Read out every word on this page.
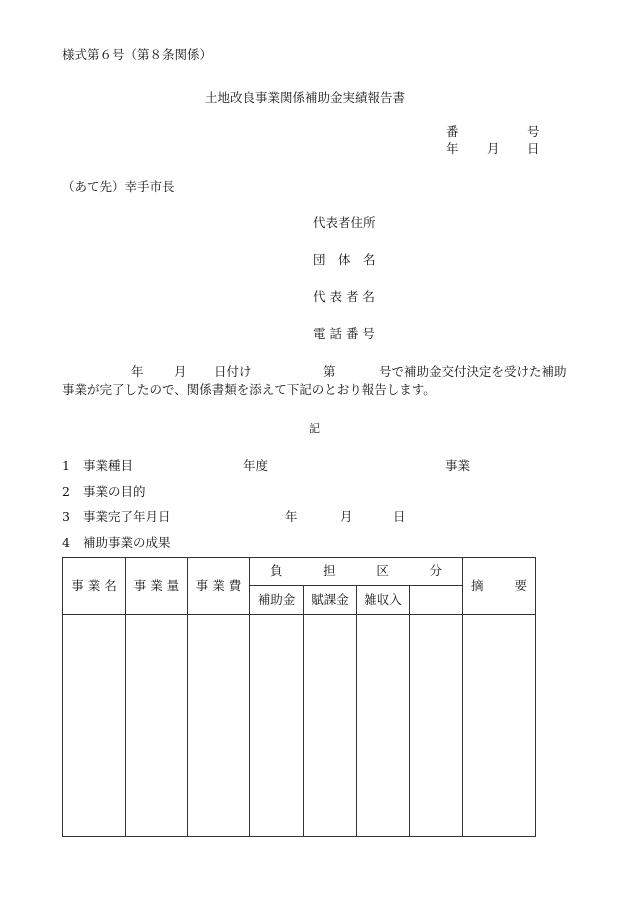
様式第６号（第８条関係）
土地改良事業関係補助金実績報告書
番	号
年 月 日
（あて先）幸手市長
代表者住所
団　体　名
代 表 者 名
電 話 番 号
年 月 日付け	第	号で補助金交付決定を受けた補助
事業が完了したので、関係書類を添えて下記のとおり報告します。
記
1 事業種目	年度	事業
2 事業の目的
3 事業完了年月日	年	月	日
4 補助事業の成果
事 業 名	事 業 量	事 業 費	負 担 区 分				摘 要

			補助金	賦課金	雑収入		
